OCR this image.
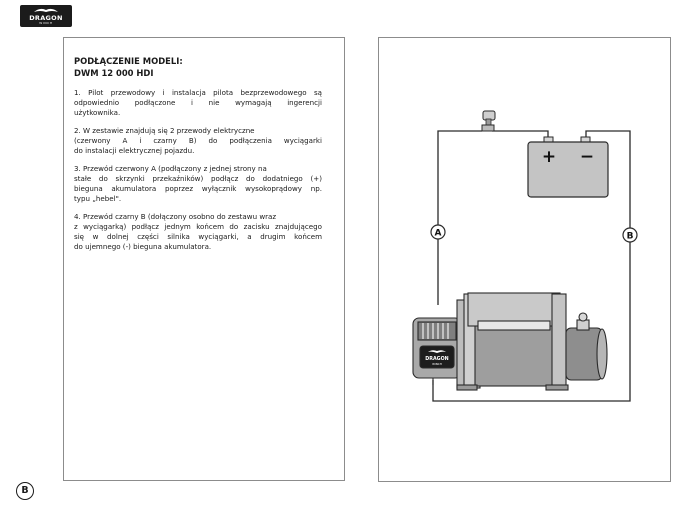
DRAGON
WINCH
PODŁĄCZENIE MODELI:
DWM 12 000 HDI
1. Pilot przewodowy i instalacja pilota bezprzewodowego są
odpowiednio podłączone i nie wymagają ingerencji
użytkownika.
2. W zestawie znajdują się 2 przewody elektryczne
(czerwony A i czarny B) do podłączenia wyciągarki
do instalacji elektrycznej pojazdu.
3. Przewód czerwony A (podłączony z jednej strony na
stałe do skrzynki przekaźników) podłącz do dodatniego (+)
bieguna akumulatora poprzez wyłącznik wysokoprądowy np.
typu „hebel".
4. Przewód czarny B (dołączony osobno do zestawu wraz
z wyciągarką) podłącz jednym końcem do zacisku znajdującego
się w dolnej części silnika wyciągarki, a drugim końcem
do ujemnego (-) bieguna akumulatora.
+ −
A	B
DRAGON
WINCH
B
